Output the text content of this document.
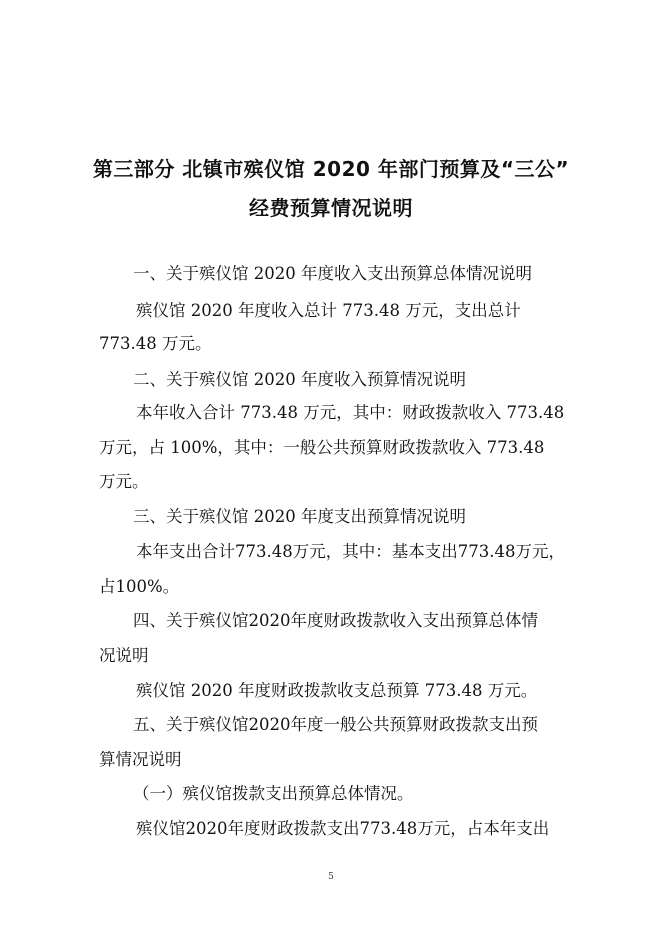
第三部分 北镇市殡仪馆 2020 年部门预算及“三公”
经费预算情况说明
一、关于殡仪馆 2020 年度收入支出预算总体情况说明
殡仪馆 2020 年度收入总计 773.48 万元，支出总计
773.48 万元。
二、关于殡仪馆 2020 年度收入预算情况说明
本年收入合计 773.48 万元，其中：财政拨款收入 773.48
万元，占 100%，其中：一般公共预算财政拨款收入 773.48
万元。
三、关于殡仪馆 2020 年度支出预算情况说明
本年支出合计773.48万元，其中：基本支出773.48万元，
占100%。
四、关于殡仪馆2020年度财政拨款收入支出预算总体情
况说明
殡仪馆 2020 年度财政拨款收支总预算 773.48 万元。
五、关于殡仪馆2020年度一般公共预算财政拨款支出预
算情况说明
（一）殡仪馆拨款支出预算总体情况。
殡仪馆2020年度财政拨款支出773.48万元，占本年支出
5
